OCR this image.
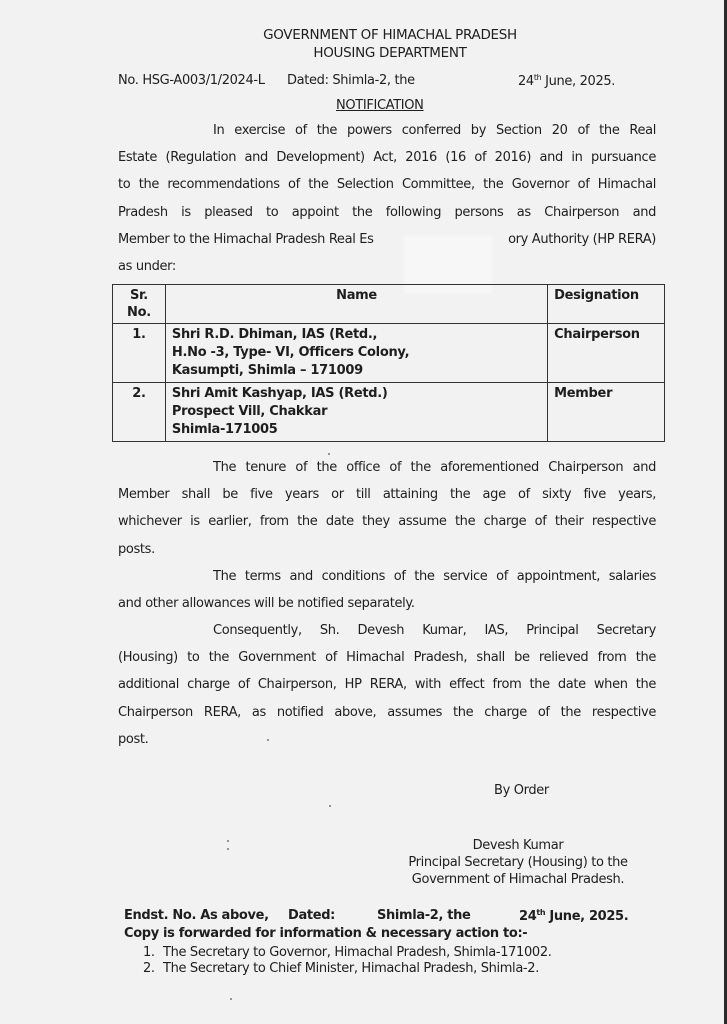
GOVERNMENT OF HIMACHAL PRADESH
HOUSING DEPARTMENT
No. HSG-A003/1/2024-L Dated: Shimla-2, the	24th June, 2025.
NOTIFICATION
In exercise of the powers conferred by Section 20 of the Real
Estate (Regulation and Development) Act, 2016 (16 of 2016) and in pursuance
to the recommendations of the Selection Committee, the Governor of Himachal
Pradesh is pleased to appoint the following persons as Chairperson and
Member to the Himachal Pradesh Real Es	ory Authority (HP RERA)
as under:
Sr. No.	Name	Designation
1.	Shri R.D. Dhiman, IAS (Retd.,
H.No -3, Type- VI, Officers Colony,
Kasumpti, Shimla – 171009	Chairperson
2.	Shri Amit Kashyap, IAS (Retd.)
Prospect Vill, Chakkar
Shimla-171005	Member
The tenure of the office of the aforementioned Chairperson and
Member shall be five years or till attaining the age of sixty five years,
whichever is earlier, from the date they assume the charge of their respective
posts.
The terms and conditions of the service of appointment, salaries
and other allowances will be notified separately.
Consequently, Sh. Devesh Kumar, IAS, Principal Secretary
(Housing) to the Government of Himachal Pradesh, shall be relieved from the
additional charge of Chairperson, HP RERA, with effect from the date when the
Chairperson RERA, as notified above, assumes the charge of the respective
post.
By Order
Devesh Kumar
Principal Secretary (Housing) to the
Government of Himachal Pradesh.
Endst. No. As above, Dated:	Shimla-2, the	24th June, 2025.
Copy is forwarded for information & necessary action to:-
1. The Secretary to Governor, Himachal Pradesh, Shimla-171002.
2. The Secretary to Chief Minister, Himachal Pradesh, Shimla-2.
